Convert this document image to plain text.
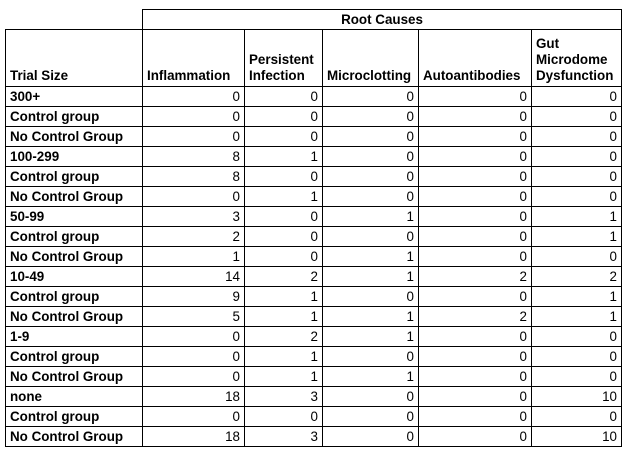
	Root Causes				
Trial Size	Inflammation	Persistent Infection	Microclotting	Autoantibodies	Gut Microdome Dysfunction
300+	0	0	0	0	0
Control group	0	0	0	0	0
No Control Group	0	0	0	0	0
100-299	8	1	0	0	0
Control group	8	0	0	0	0
No Control Group	0	1	0	0	0
50-99	3	0	1	0	1
Control group	2	0	0	0	1
No Control Group	1	0	1	0	0
10-49	14	2	1	2	2
Control group	9	1	0	0	1
No Control Group	5	1	1	2	1
1-9	0	2	1	0	0
Control group	0	1	0	0	0
No Control Group	0	1	1	0	0
none	18	3	0	0	10
Control group	0	0	0	0	0
No Control Group	18	3	0	0	10
